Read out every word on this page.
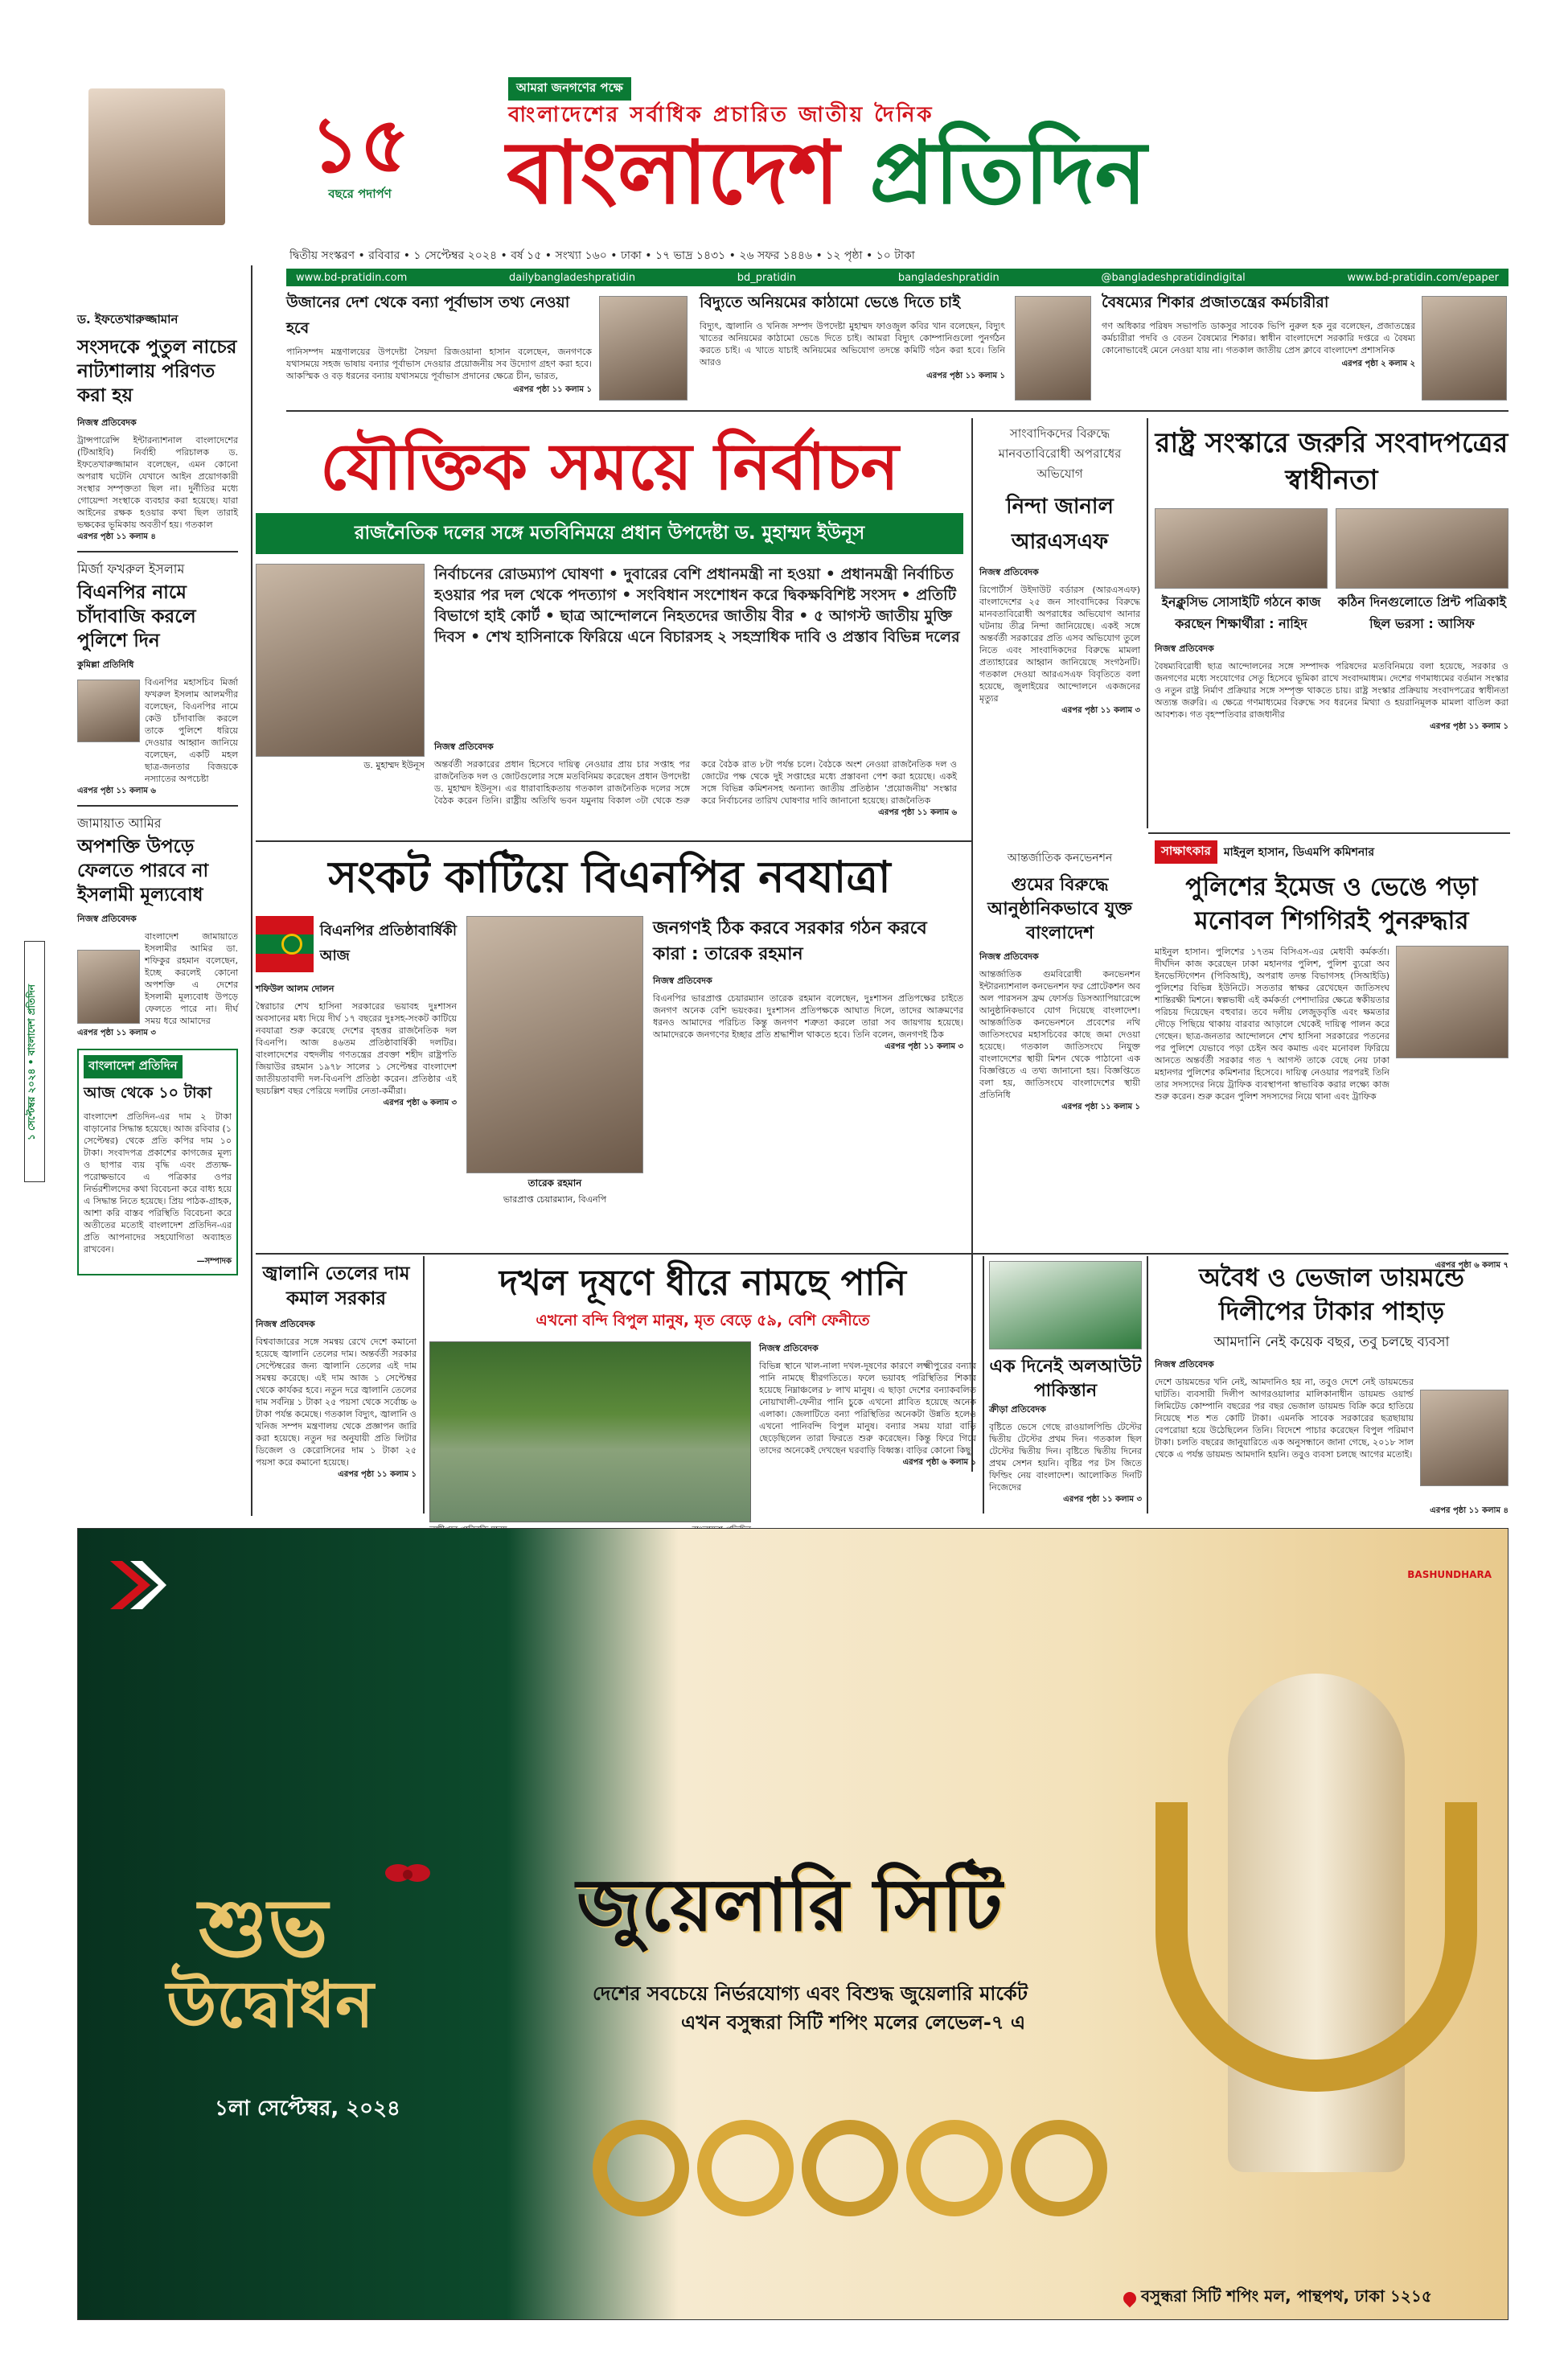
১৫
বছরে পদার্পণ
আমরা জনগণের পক্ষে
বাংলাদেশের সর্বাধিক প্রচারিত জাতীয় দৈনিক
বাংলাদেশ প্রতিদিন
দ্বিতীয় সংস্করণ • রবিবার • ১ সেপ্টেম্বর ২০২৪ • বর্ষ ১৫ • সংখ্যা ১৬০ • ঢাকা • ১৭ ভাদ্র ১৪৩১ • ২৬ সফর ১৪৪৬ • ১২ পৃষ্ঠা • ১০ টাকা
www.bd-pratidin.com	dailybangladeshpratidin	bd_pratidin	bangladeshpratidin	@bangladeshpratidindigital	www.bd-pratidin.com/epaper
উজানের দেশ থেকে বন্যা পূর্বাভাস তথ্য নেওয়া হবে
পানিসম্পদ মন্ত্রণালয়ের উপদেষ্টা সৈয়দা রিজওয়ানা হাসান বলেছেন, জনগণকে যথাসময়ে সহজ ভাষায় বন্যার পূর্বাভাস দেওয়ার প্রয়োজনীয় সব উদ্যোগ গ্রহণ করা হবে। আকস্মিক ও বড় ধরনের বন্যায় যথাসময়ে পূর্বাভাস প্রদানের ক্ষেত্রে চীন, ভারত,
এরপর পৃষ্ঠা ১১ কলাম ১
বিদ্যুতে অনিয়মের কাঠামো ভেঙে দিতে চাই
বিদ্যুৎ, জ্বালানি ও খনিজ সম্পদ উপদেষ্টা মুহাম্মদ ফাওজুল কবির খান বলেছেন, বিদ্যুৎ খাতের অনিয়মের কাঠামো ভেঙে দিতে চাই। আমরা বিদ্যুৎ কোম্পানিগুলো পুনর্গঠন করতে চাই। এ খাতে যাচাই অনিয়মের অভিযোগ তদন্তে কমিটি গঠন করা হবে। তিনি আরও
এরপর পৃষ্ঠা ১১ কলাম ১
বৈষম্যের শিকার প্রজাতন্ত্রের কর্মচারীরা
গণ অধিকার পরিষদ সভাপতি ডাকসুর সাবেক ভিপি নুরুল হক নুর বলেছেন, প্রজাতন্ত্রের কর্মচারীরা পদবি ও বেতন বৈষম্যের শিকার। স্বাধীন বাংলাদেশে সরকারি দপ্তরে এ বৈষম্য কোনোভাবেই মেনে নেওয়া যায় না। গতকাল জাতীয় প্রেস ক্লাবে বাংলাদেশ প্রশাসনিক
এরপর পৃষ্ঠা ২ কলাম ২
ড. ইফতেখারুজ্জামান
সংসদকে পুতুল নাচের নাট্যশালায় পরিণত করা হয়
নিজস্ব প্রতিবেদক
ট্রান্সপারেন্সি ইন্টারন্যাশনাল বাংলাদেশের (টিআইবি) নির্বাহী পরিচালক ড. ইফতেখারুজ্জামান বলেছেন, এমন কোনো অপরাধ ঘটেনি যেখানে আইন প্রয়োগকারী সংস্থার সম্পৃক্ততা ছিল না। দুর্নীতির মধ্যে গোয়েন্দা সংস্থাকে ব্যবহার করা হয়েছে। যারা আইনের রক্ষক হওয়ার কথা ছিল তারাই ভক্ষকের ভূমিকায় অবতীর্ণ হয়। গতকাল
এরপর পৃষ্ঠা ১১ কলাম ৪
মির্জা ফখরুল ইসলাম
বিএনপির নামে চাঁদাবাজি করলে পুলিশে দিন
কুমিল্লা প্রতিনিধি
বিএনপির মহাসচিব মির্জা ফখরুল ইসলাম আলমগীর বলেছেন, বিএনপির নামে কেউ চাঁদাবাজি করলে তাকে পুলিশে ধরিয়ে দেওয়ার আহ্বান জানিয়ে বলেছেন, একটি মহল ছাত্র-জনতার বিজয়কে নস্যাতের অপচেষ্টা
এরপর পৃষ্ঠা ১১ কলাম ৬
জামায়াত আমির
অপশক্তি উপড়ে ফেলতে পারবে না ইসলামী মূল্যবোধ
নিজস্ব প্রতিবেদক
বাংলাদেশ জামায়াতে ইসলামীর আমির ডা. শফিকুর রহমান বলেছেন, ইচ্ছে করলেই কোনো অপশক্তি এ দেশের ইসলামী মূল্যবোধ উপড়ে ফেলতে পারে না। দীর্ঘ সময় ধরে আমাদের
এরপর পৃষ্ঠা ১১ কলাম ৩
বাংলাদেশ প্রতিদিন
আজ থেকে ১০ টাকা
বাংলাদেশ প্রতিদিন-এর দাম ২ টাকা বাড়ানোর সিদ্ধান্ত হয়েছে। আজ রবিবার (১ সেপ্টেম্বর) থেকে প্রতি কপির দাম ১০ টাকা। সংবাদপত্র প্রকাশের কাগজের মূল্য ও ছাপার ব্যয় বৃদ্ধি এবং প্রত্যক্ষ-পরোক্ষভাবে এ পত্রিকার ওপর নির্ভরশীলদের কথা বিবেচনা করে বাধ্য হয়ে এ সিদ্ধান্ত নিতে হয়েছে। প্রিয় পাঠক-গ্রাহক, আশা করি বাস্তব পরিস্থিতি বিবেচনা করে অতীতের মতোই বাংলাদেশ প্রতিদিন-এর প্রতি আপনাদের সহযোগিতা অব্যাহত রাখবেন।
—সম্পাদক
১ সেপ্টেম্বর ২০২৪ • বাংলাদেশ প্রতিদিন
যৌক্তিক সময়ে নির্বাচন
রাজনৈতিক দলের সঙ্গে মতবিনিময়ে প্রধান উপদেষ্টা ড. মুহাম্মদ ইউনূস
ড. মুহাম্মদ ইউনূস
নির্বাচনের রোডম্যাপ ঘোষণা • দুবারের বেশি প্রধানমন্ত্রী না হওয়া • প্রধানমন্ত্রী নির্বাচিত হওয়ার পর দল থেকে পদত্যাগ • সংবিধান সংশোধন করে দ্বিকক্ষবিশিষ্ট সংসদ • প্রতিটি বিভাগে হাই কোর্ট • ছাত্র আন্দোলনে নিহতদের জাতীয় বীর • ৫ আগস্ট জাতীয় মুক্তি দিবস • শেখ হাসিনাকে ফিরিয়ে এনে বিচারসহ ২ সহস্রাধিক দাবি ও প্রস্তাব বিভিন্ন দলের
নিজস্ব প্রতিবেদক
অন্তর্বর্তী সরকারের প্রধান হিসেবে দায়িত্ব নেওয়ার প্রায় চার সপ্তাহ পর রাজনৈতিক দল ও জোটগুলোর সঙ্গে মতবিনিময় করেছেন প্রধান উপদেষ্টা ড. মুহাম্মদ ইউনূস। এর ধারাবাহিকতায় গতকাল রাজনৈতিক দলের সঙ্গে বৈঠক করেন তিনি। রাষ্ট্রীয় অতিথি ভবন যমুনায় বিকাল ৩টা থেকে শুরু করে বৈঠক রাত ৮টা পর্যন্ত চলে। বৈঠকে অংশ নেওয়া রাজনৈতিক দল ও জোটের পক্ষ থেকে দুই সপ্তাহের মধ্যে প্রস্তাবনা পেশ করা হয়েছে। একই সঙ্গে বিভিন্ন কমিশনসহ অন্যান্য জাতীয় প্রতিষ্ঠান 'প্রয়োজনীয়' সংস্কার করে নির্বাচনের তারিখ ঘোষণার দাবি জানানো হয়েছে। রাজনৈতিক
এরপর পৃষ্ঠা ১১ কলাম ৬
সাংবাদিকদের বিরুদ্ধে মানবতাবিরোধী অপরাধের অভিযোগ
নিন্দা জানাল আরএসএফ
নিজস্ব প্রতিবেদক
রিপোর্টার্স উইদাউট বর্ডারস (আরএসএফ) বাংলাদেশের ২৫ জন সাংবাদিকের বিরুদ্ধে মানবতাবিরোধী অপরাধের অভিযোগ আনার ঘটনায় তীব্র নিন্দা জানিয়েছে। একই সঙ্গে অন্তর্বর্তী সরকারের প্রতি এসব অভিযোগ তুলে নিতে এবং সাংবাদিকদের বিরুদ্ধে মামলা প্রত্যাহারের আহ্বান জানিয়েছে সংগঠনটি। গতকাল দেওয়া আরএসএফ বিবৃতিতে বলা হয়েছে, জুলাইয়ের আন্দোলনে একজনের মৃত্যুর
এরপর পৃষ্ঠা ১১ কলাম ৩
রাষ্ট্র সংস্কারে জরুরি সংবাদপত্রের স্বাধীনতা
ইনক্লুসিভ সোসাইটি গঠনে কাজ করছেন শিক্ষার্থীরা : নাহিদ
কঠিন দিনগুলোতে প্রিন্ট পত্রিকাই ছিল ভরসা : আসিফ
নিজস্ব প্রতিবেদক
বৈষম্যবিরোধী ছাত্র আন্দোলনের সঙ্গে সম্পাদক পরিষদের মতবিনিময়ে বলা হয়েছে, সরকার ও জনগণের মধ্যে সংযোগের সেতু হিসেবে ভূমিকা রাখে সংবাদমাধ্যম। দেশের গণমাধ্যমের বর্তমান সংস্কার ও নতুন রাষ্ট্র নির্মাণ প্রক্রিয়ার সঙ্গে সম্পৃক্ত থাকতে চায়। রাষ্ট্র সংস্কার প্রক্রিয়ায় সংবাদপত্রের স্বাধীনতা অত্যন্ত জরুরি। এ ক্ষেত্রে গণমাধ্যমের বিরুদ্ধে সব ধরনের মিথ্যা ও হয়রানিমূলক মামলা বাতিল করা আবশ্যক। গত বৃহস্পতিবার রাজধানীর
এরপর পৃষ্ঠা ১১ কলাম ১
সংকট কাটিয়ে বিএনপির নবযাত্রা
বিএনপির প্রতিষ্ঠাবার্ষিকী আজ
শফিউল আলম দোলন
স্বৈরাচার শেখ হাসিনা সরকারের ভয়াবহ দুঃশাসন অবসানের মধ্য দিয়ে দীর্ঘ ১৭ বছরের দুঃসহ-সংকট কাটিয়ে নবযাত্রা শুরু করেছে দেশের বৃহত্তর রাজনৈতিক দল বিএনপি। আজ ৪৬তম প্রতিষ্ঠাবার্ষিকী দলটির। বাংলাদেশের বহুদলীয় গণতন্ত্রের প্রবক্তা শহীদ রাষ্ট্রপতি জিয়াউর রহমান ১৯৭৮ সালের ১ সেপ্টেম্বর বাংলাদেশ জাতীয়তাবাদী দল-বিএনপি প্রতিষ্ঠা করেন। প্রতিষ্ঠার এই ছয়চল্লিশ বছর পেরিয়ে দলটির নেতা-কর্মীরা।
এরপর পৃষ্ঠা ৬ কলাম ৩
তারেক রহমান
ভারপ্রাপ্ত চেয়ারম্যান, বিএনপি
জনগণই ঠিক করবে সরকার গঠন করবে কারা : তারেক রহমান
নিজস্ব প্রতিবেদক
বিএনপির ভারপ্রাপ্ত চেয়ারম্যান তারেক রহমান বলেছেন, দুঃশাসন প্রতিপক্ষের চাইতে জনগণ অনেক বেশি ভয়ংকর। দুঃশাসন প্রতিপক্ষকে আঘাত দিলে, তাদের আক্রমণের ধরনও আমাদের পরিচিত কিন্তু জনগণ শত্রুতা করলে তারা সব জায়গায় হয়েছে। আমাদেরকে জনগণের ইচ্ছার প্রতি শ্রদ্ধাশীল থাকতে হবে। তিনি বলেন, জনগণই ঠিক
এরপর পৃষ্ঠা ১১ কলাম ৩
আন্তর্জাতিক কনভেনশন
গুমের বিরুদ্ধে আনুষ্ঠানিকভাবে যুক্ত বাংলাদেশ
নিজস্ব প্রতিবেদক
আন্তর্জাতিক গুমবিরোধী কনভেনশন ইন্টারন্যাশনাল কনভেনশন ফর প্রোটেকশন অব অল পারসনস ফ্রম ফোর্সড ডিসঅ্যাপিয়ারেন্সে আনুষ্ঠানিকভাবে যোগ দিয়েছে বাংলাদেশ। আন্তর্জাতিক কনভেনশনে প্রবেশের নথি জাতিসংঘের মহাসচিবের কাছে জমা দেওয়া হয়েছে। গতকাল জাতিসংঘে নিযুক্ত বাংলাদেশের স্থায়ী মিশন থেকে পাঠানো এক বিজ্ঞপ্তিতে এ তথ্য জানানো হয়। বিজ্ঞপ্তিতে বলা হয়, জাতিসংঘে বাংলাদেশের স্থায়ী প্রতিনিধি
এরপর পৃষ্ঠা ১১ কলাম ১
সাক্ষাৎকার	মাইনুল হাসান, ডিএমপি কমিশনার
পুলিশের ইমেজ ও ভেঙে পড়া মনোবল শিগগিরই পুনরুদ্ধার
মাইনুল হাসান। পুলিশের ১৭তম বিসিএস-এর মেধাবী কর্মকর্তা। দীর্ঘদিন কাজ করেছেন ঢাকা মহানগর পুলিশ, পুলিশ ব্যুরো অব ইনভেস্টিগেশন (পিবিআই), অপরাধ তদন্ত বিভাগসহ (সিআইডি) পুলিশের বিভিন্ন ইউনিটে। সততার স্বাক্ষর রেখেছেন জাতিসংঘ শান্তিরক্ষী মিশনে। স্বল্পভাষী এই কর্মকর্তা পেশাদারির ক্ষেত্রে স্বকীয়তার পরিচয় দিয়েছেন বহুবার। তবে দলীয় লেজুড়বৃত্তি এবং ক্ষমতার দৌড়ে পিছিয়ে থাকায় বারবার আড়ালে থেকেই দায়িত্ব পালন করে গেছেন। ছাত্র-জনতার আন্দোলনে শেখ হাসিনা সরকারের পতনের পর পুলিশে যেভাবে পড়া চেইন অব কমান্ড এবং মনোবল ফিরিয়ে আনতে অন্তর্বর্তী সরকার গত ৭ আগস্ট তাকে বেছে নেয় ঢাকা মহানগর পুলিশের কমিশনার হিসেবে। দায়িত্ব নেওয়ার পরপরই তিনি তার সদস্যদের নিয়ে ট্রাফিক ব্যবস্থাপনা স্বাভাবিক করার লক্ষ্যে কাজ শুরু করেন। শুরু করেন পুলিশ সদস্যদের নিয়ে থানা এবং ট্রাফিক
এরপর পৃষ্ঠা ৬ কলাম ৭
জ্বালানি তেলের দাম কমাল সরকার
নিজস্ব প্রতিবেদক
বিশ্ববাজারের সঙ্গে সমন্বয় রেখে দেশে কমানো হয়েছে জ্বালানি তেলের দাম। অন্তর্বর্তী সরকার সেপ্টেম্বরের জন্য জ্বালানি তেলের এই দাম সমন্বয় করেছে। এই দাম আজ ১ সেপ্টেম্বর থেকে কার্যকর হবে। নতুন দরে জ্বালানি তেলের দাম সর্বনিম্ন ১ টাকা ২৫ পয়সা থেকে সর্বোচ্চ ৬ টাকা পর্যন্ত কমেছে। গতকাল বিদ্যুৎ, জ্বালানি ও খনিজ সম্পদ মন্ত্রণালয় থেকে প্রজ্ঞাপন জারি করা হয়েছে। নতুন দর অনুযায়ী প্রতি লিটার ডিজেল ও কেরোসিনের দাম ১ টাকা ২৫ পয়সা করে কমানো হয়েছে।
এরপর পৃষ্ঠা ১১ কলাম ১
দখল দূষণে ধীরে নামছে পানি
এখনো বন্দি বিপুল মানুষ, মৃত বেড়ে ৫৯, বেশি ফেনীতে
নিজস্ব প্রতিবেদক
বিভিন্ন স্থানে খাল-নালা দখল-দূষণের কারণে লক্ষ্মীপুরের বন্যার পানি নামছে ধীরগতিতে। ফলে ভয়াবহ পরিস্থিতির শিকার হয়েছে নিম্নাঞ্চলের ৮ লাখ মানুষ। এ ছাড়া দেশের বন্যাকবলিত নোয়াখালী-ফেনীর পানি চুকে এখনো প্লাবিত হয়েছে অনেক এলাকা। জেলাটিতে বন্যা পরিস্থিতির অনেকটা উন্নতি হলেও এখনো পানিবন্দি বিপুল মানুষ। বন্যার সময় যারা বাড়ি ছেড়েছিলেন তারা ফিরতে শুরু করেছেন। কিন্তু ফিরে গিয়ে তাদের অনেকেই দেখছেন ঘরবাড়ি বিধ্বস্ত। বাড়ির কোনো কিছু
এরপর পৃষ্ঠা ৬ কলাম ১
এক দিনেই অলআউট পাকিস্তান
ক্রীড়া প্রতিবেদক
বৃষ্টিতে ভেসে গেছে রাওয়ালপিন্ডি টেস্টের দ্বিতীয় টেস্টের প্রথম দিন। গতকাল ছিল টেস্টের দ্বিতীয় দিন। বৃষ্টিতে দ্বিতীয় দিনের প্রথম সেশন হয়নি। বৃষ্টির পর টস জিতে ফিল্ডিং নেয় বাংলাদেশ। আলোকিত দিনটি নিজেদের
এরপর পৃষ্ঠা ১১ কলাম ৩
অবৈধ ও ভেজাল ডায়মন্ডে দিলীপের টাকার পাহাড়
আমদানি নেই কয়েক বছর, তবু চলছে ব্যবসা
নিজস্ব প্রতিবেদক
দেশে ডায়মন্ডের খনি নেই, আমদানিও হয় না, তবুও দেশে নেই ডায়মন্ডের ঘাটতি। ব্যবসায়ী দিলীপ আগরওয়ালার মালিকানাধীন ডায়মন্ড ওয়ার্ল্ড লিমিটেড কোম্পানি বছরের পর বছর ভেজাল ডায়মন্ড বিক্রি করে হাতিয়ে নিয়েছে শত শত কোটি টাকা। এমনকি সাবেক সরকারের ছত্রছায়ায় বেপরোয়া হয়ে উঠেছিলেন তিনি। বিদেশে পাচার করেছেন বিপুল পরিমাণ টাকা। চলতি বছরের জানুয়ারিতে এক অনুসন্ধানে জানা গেছে, ২০১৮ সাল থেকে এ পর্যন্ত ডায়মন্ড আমদানি হয়নি। তবুও ব্যবসা চলছে আগের মতোই।
এরপর পৃষ্ঠা ১১ কলাম ৪
শুভ
উদ্বোধন
১লা সেপ্টেম্বর, ২০২৪
জুয়েলারি সিটি
দেশের সবচেয়ে নির্ভরযোগ্য এবং বিশুদ্ধ জুয়েলারি মার্কেট
এখন বসুন্ধরা সিটি শপিং মলের লেভেল-৭ এ
BASHUNDHARA
বসুন্ধরা সিটি শপিং মল, পান্থপথ, ঢাকা ১২১৫
